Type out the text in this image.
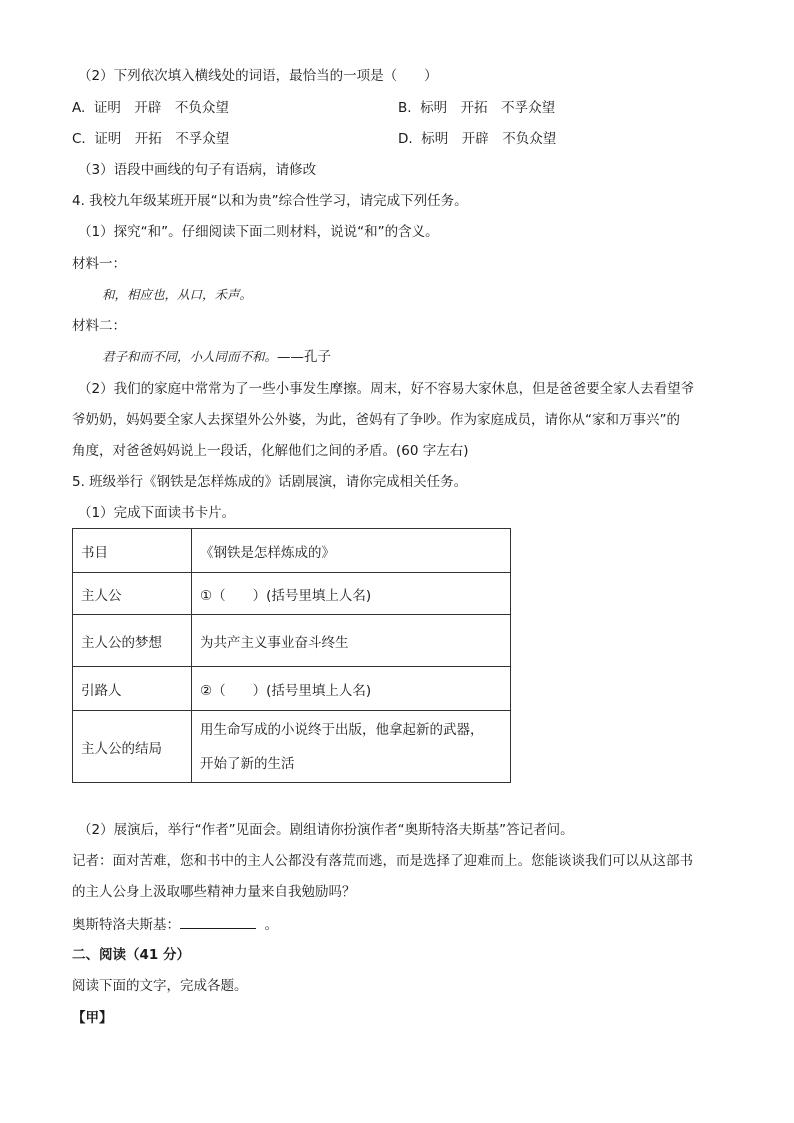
（2）下列依次填入横线处的词语，最恰当的一项是（　　）
A. 证明　开辟　不负众望	B. 标明　开拓　不孚众望
C. 证明　开拓　不孚众望	D. 标明　开辟　不负众望
（3）语段中画线的句子有语病，请修改
4. 我校九年级某班开展“以和为贵”综合性学习，请完成下列任务。
（1）探究“和”。仔细阅读下面二则材料，说说“和”的含义。
材料一：
和，相应也，从口，禾声。
材料二：
君子和而不同，小人同而不和。——孔子
（2）我们的家庭中常常为了一些小事发生摩擦。周末，好不容易大家休息，但是爸爸要全家人去看望爷
爷奶奶，妈妈要全家人去探望外公外婆，为此，爸妈有了争吵。作为家庭成员，请你从“家和万事兴”的
角度，对爸爸妈妈说上一段话，化解他们之间的矛盾。(60 字左右)
5. 班级举行《钢铁是怎样炼成的》话剧展演，请你完成相关任务。
（1）完成下面读书卡片。
书目	《钢铁是怎样炼成的》
主人公	①（　　）(括号里填上人名)
主人公的梦想	为共产主义事业奋斗终生
引路人	②（　　）(括号里填上人名)
主人公的结局	用生命写成的小说终于出版，他拿起新的武器，
开始了新的生活
（2）展演后，举行“作者”见面会。剧组请你扮演作者“奥斯特洛夫斯基”答记者问。
记者：面对苦难，您和书中的主人公都没有落荒而逃，而是选择了迎难而上。您能谈谈我们可以从这部书
的主人公身上汲取哪些精神力量来自我勉励吗？
奥斯特洛夫斯基：	。
二、阅读（41 分）
阅读下面的文字，完成各题。
【甲】
